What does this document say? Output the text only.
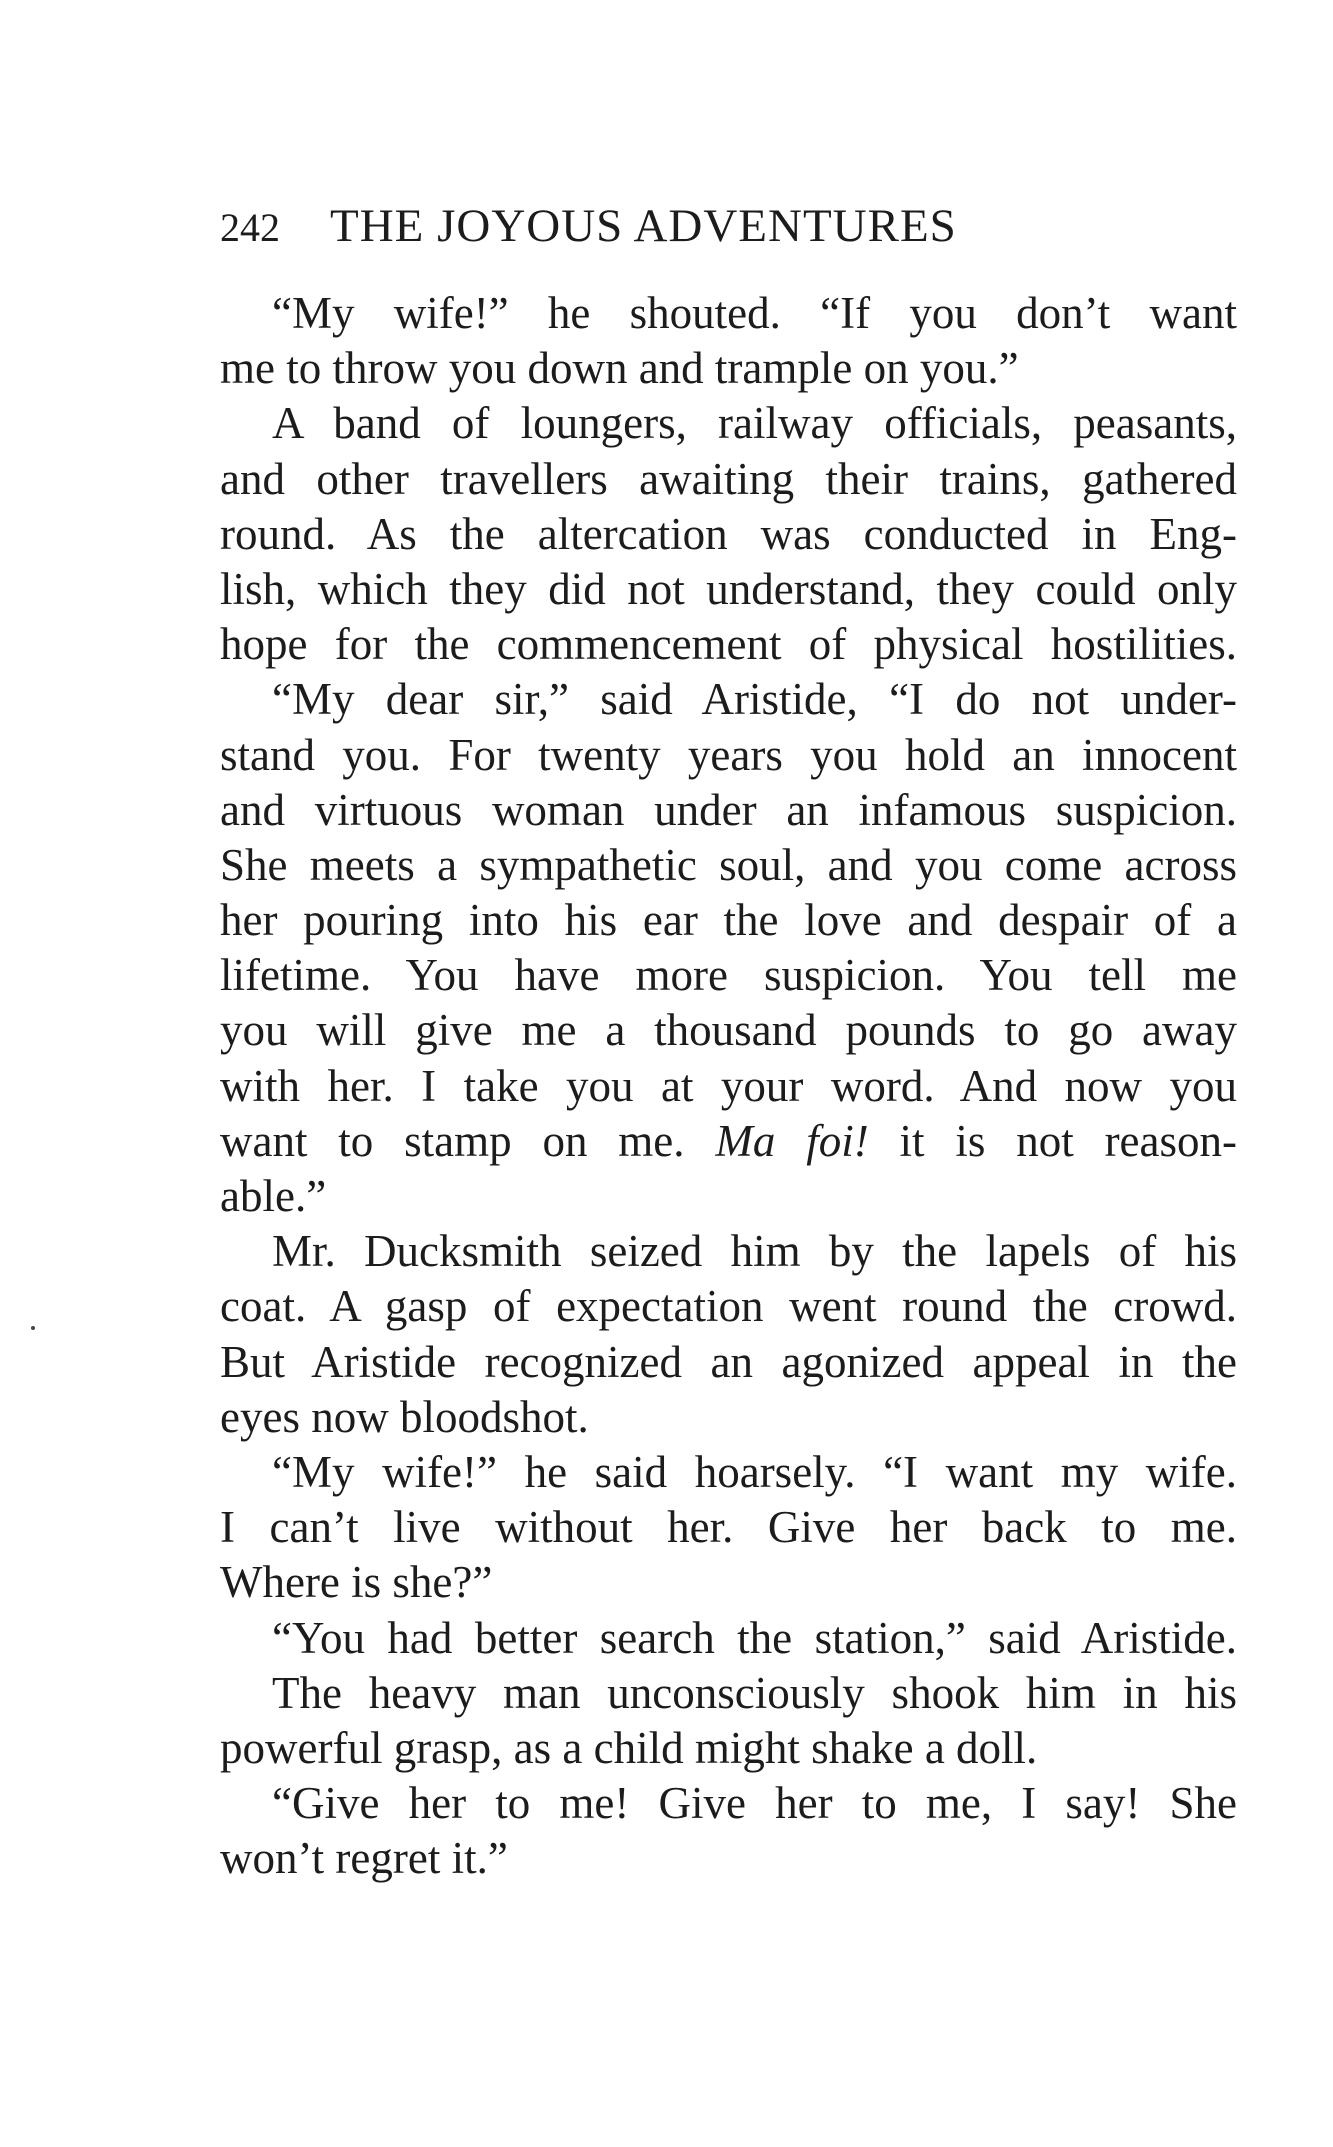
242 THE JOYOUS ADVENTURES
“My wife!” he shouted. “If you don’t want
me to throw you down and trample on you.”
A band of loungers, railway officials, peasants,
and other travellers awaiting their trains, gathered
round. As the altercation was conducted in Eng-
lish, which they did not understand, they could only
hope for the commencement of physical hostilities.
“My dear sir,” said Aristide, “I do not under-
stand you. For twenty years you hold an innocent
and virtuous woman under an infamous suspicion.
She meets a sympathetic soul, and you come across
her pouring into his ear the love and despair of a
lifetime. You have more suspicion. You tell me
you will give me a thousand pounds to go away
with her. I take you at your word. And now you
want to stamp on me. Ma foi! it is not reason-
able.”
Mr. Ducksmith seized him by the lapels of his
coat. A gasp of expectation went round the crowd.
But Aristide recognized an agonized appeal in the
eyes now bloodshot.
“My wife!” he said hoarsely. “I want my wife.
I can’t live without her. Give her back to me.
Where is she?”
“You had better search the station,” said Aristide.
The heavy man unconsciously shook him in his
powerful grasp, as a child might shake a doll.
“Give her to me! Give her to me, I say! She
won’t regret it.”
